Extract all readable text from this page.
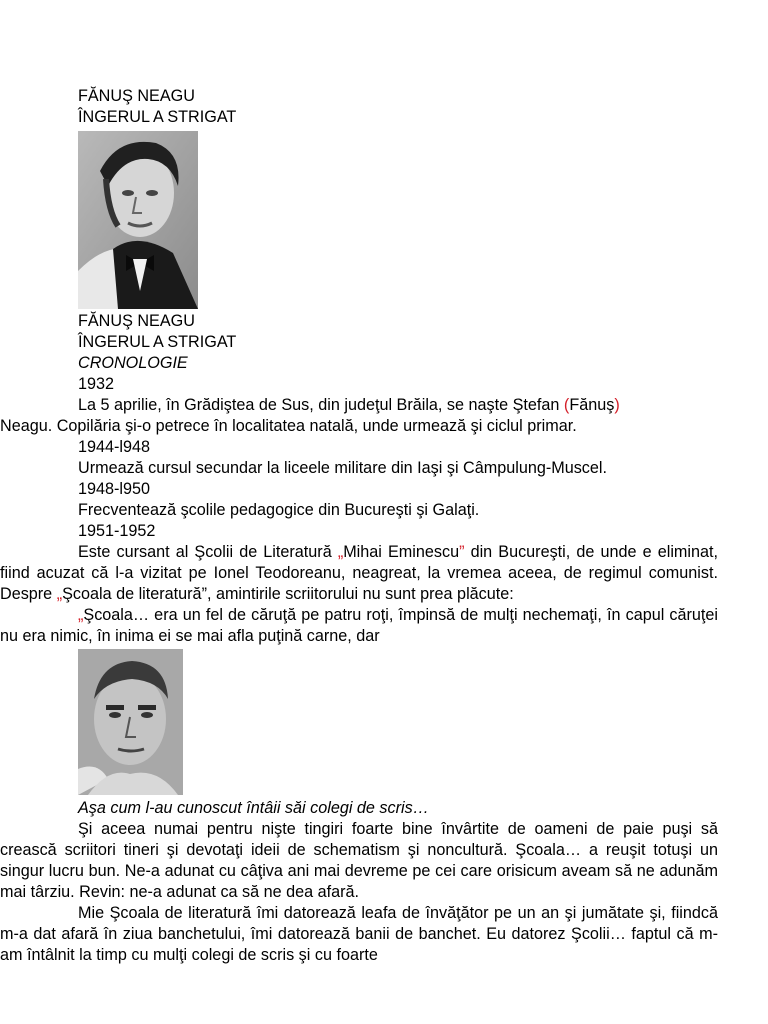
FĂNUŞ NEAGU
ÎNGERUL A STRIGAT
FĂNUŞ NEAGU
ÎNGERUL A STRIGAT
CRONOLOGIE
1932
La 5 aprilie, în Grădiştea de Sus, din judeţul Brăila, se naşte Ştefan (Fănuş)
Neagu. Copilăria şi-o petrece în localitatea natală, unde urmează şi ciclul primar.
1944-l948
Urmează cursul secundar la liceele militare din Iaşi şi Câmpulung-Muscel.
1948-l950
Frecventează şcolile pedagogice din Bucureşti şi Galaţi.
1951-1952
Este cursant al Şcolii de Literatură „Mihai Eminescu” din Bucureşti, de unde e eliminat, fiind acuzat că l-a vizitat pe Ionel Teodoreanu, neagreat, la vremea aceea, de regimul comunist. Despre „Şcoala de literatură”, amintirile scriitorului nu sunt prea plăcute:
„Şcoala… era un fel de căruţă pe patru roţi, împinsă de mulţi nechemaţi, în capul căruţei nu era nimic, în inima ei se mai afla puţină carne, dar
Aşa cum l-au cunoscut întâii săi colegi de scris…
Şi aceea numai pentru nişte tingiri foarte bine învârtite de oameni de paie puşi să crească scriitori tineri şi devotaţi ideii de schematism şi noncultură. Şcoala… a reuşit totuşi un singur lucru bun. Ne-a adunat cu câţiva ani mai devreme pe cei care orisicum aveam să ne adunăm mai târziu. Revin: ne-a adunat ca să ne dea afară.
Mie Şcoala de literatură îmi datorează leafa de învăţător pe un an şi jumătate şi, fiindcă m-a dat afară în ziua banchetului, îmi datorează banii de banchet. Eu datorez Şcolii… faptul că m-am întâlnit la timp cu mulţi colegi de scris şi cu foarte
